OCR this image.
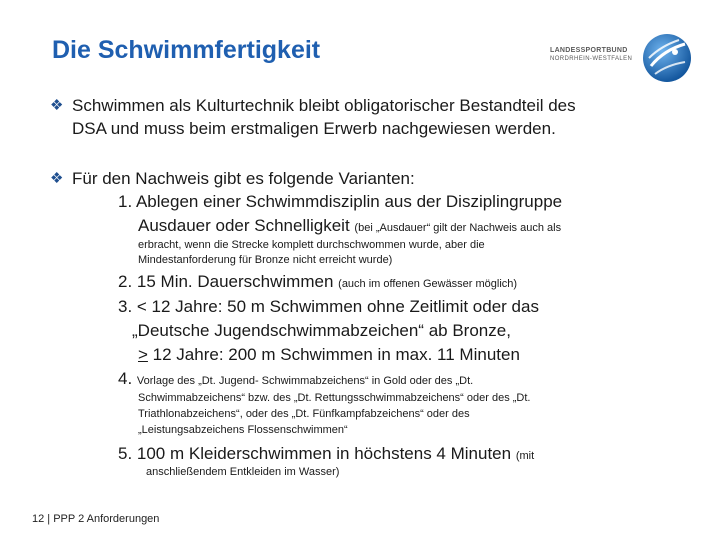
Die Schwimmfertigkeit	LANDESSPORTBUND
NORDRHEIN-WESTFALEN
❖ Schwimmen als Kulturtechnik bleibt obligatorischer Bestandteil des
DSA und muss beim erstmaligen Erwerb nachgewiesen werden.
❖ Für den Nachweis gibt es folgende Varianten:
1. Ablegen einer Schwimmdisziplin aus der Disziplingruppe
Ausdauer oder Schnelligkeit (bei „Ausdauer“ gilt der Nachweis auch als
erbracht, wenn die Strecke komplett durchschwommen wurde, aber die
Mindestanforderung für Bronze nicht erreicht wurde)
2. 15 Min. Dauerschwimmen (auch im offenen Gewässer möglich)
3. < 12 Jahre: 50 m Schwimmen ohne Zeitlimit oder das
„Deutsche Jugendschwimmabzeichen“ ab Bronze,
> 12 Jahre: 200 m Schwimmen in max. 11 Minuten
4. Vorlage des „Dt. Jugend- Schwimmabzeichens“ in Gold oder des „Dt.
Schwimmabzeichens“ bzw. des „Dt. Rettungsschwimmabzeichens“ oder des „Dt.
Triathlonabzeichens“, oder des „Dt. Fünfkampfabzeichens“ oder des
„Leistungsabzeichens Flossenschwimmen“
5. 100 m Kleiderschwimmen in höchstens 4 Minuten (mit
anschließendem Entkleiden im Wasser)
12 | PPP 2 Anforderungen
